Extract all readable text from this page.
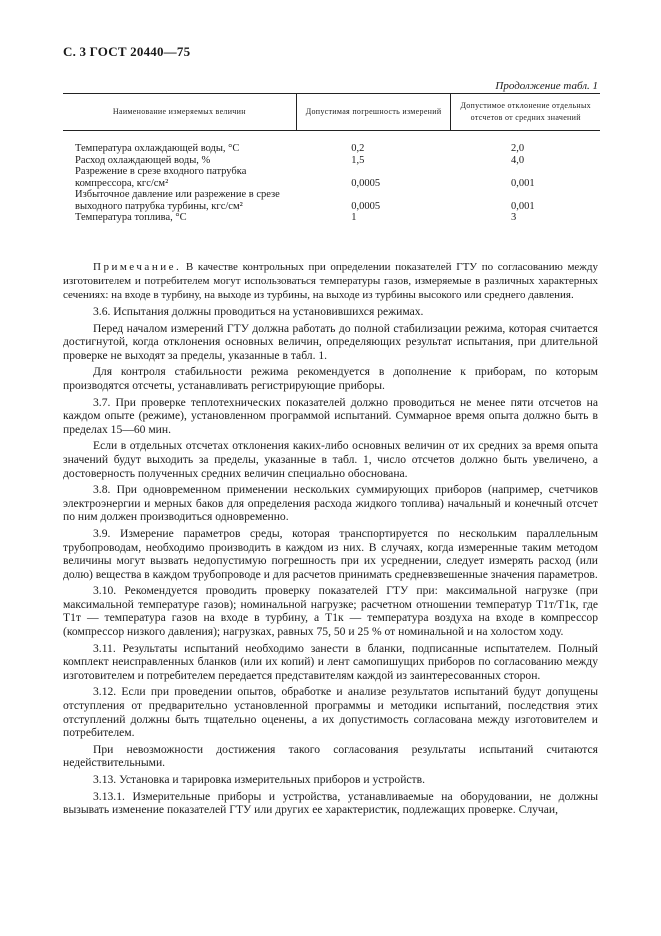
С. 3 ГОСТ 20440—75
Продолжение табл. 1
Наименование измеряемых величин	Допустимая погрешность измерений	Допустимое отклонение отдельных отсчетов от средних значений
Температура охлаждающей воды, °С	0,2	2,0
Расход охлаждающей воды, %	1,5	4,0
Разрежение в срезе входного патрубка		
компрессора, кгс/см²	0,0005	0,001
Избыточное давление или разрежение в срезе		
выходного патрубка турбины, кгс/см²	0,0005	0,001
Температура топлива, °С	1	3
Примечание. В качестве контрольных при определении показателей ГТУ по согласованию между изготовителем и потребителем могут использоваться температуры газов, измеряемые в различных характерных сечениях: на входе в турбину, на выходе из турбины, на выходе из турбины высокого или среднего давления.

3.6. Испытания должны проводиться на установившихся режимах.

Перед началом измерений ГТУ должна работать до полной стабилизации режима, которая считается достигнутой, когда отклонения основных величин, определяющих результат испытания, при длительной проверке не выходят за пределы, указанные в табл. 1.

Для контроля стабильности режима рекомендуется в дополнение к приборам, по которым производятся отсчеты, устанавливать регистрирующие приборы.

3.7. При проверке теплотехнических показателей должно проводиться не менее пяти отсчетов на каждом опыте (режиме), установленном программой испытаний. Суммарное время опыта должно быть в пределах 15—60 мин.

Если в отдельных отсчетах отклонения каких-либо основных величин от их средних за время опыта значений будут выходить за пределы, указанные в табл. 1, число отсчетов должно быть увеличено, а достоверность полученных средних величин специально обоснована.

3.8. При одновременном применении нескольких суммирующих приборов (например, счетчиков электроэнергии и мерных баков для определения расхода жидкого топлива) начальный и конечный отсчет по ним должен производиться одновременно.

3.9. Измерение параметров среды, которая транспортируется по нескольким параллельным трубопроводам, необходимо производить в каждом из них. В случаях, когда измеренные таким методом величины могут вызвать недопустимую погрешность при их усреднении, следует измерять расход (или долю) вещества в каждом трубопроводе и для расчетов принимать средневзвешенные значения параметров.

3.10. Рекомендуется проводить проверку показателей ГТУ при: максимальной нагрузке (при максимальной температуре газов); номинальной нагрузке; расчетном отношении температур T1т/T1к, где T1т — температура газов на входе в турбину, а T1к — температура воздуха на входе в компрессор (компрессор низкого давления); нагрузках, равных 75, 50 и 25 % от номинальной и на холостом ходу.

3.11. Результаты испытаний необходимо занести в бланки, подписанные испытателем. Полный комплект неисправленных бланков (или их копий) и лент самопишущих приборов по согласованию между изготовителем и потребителем передается представителям каждой из заинтересованных сторон.

3.12. Если при проведении опытов, обработке и анализе результатов испытаний будут допущены отступления от предварительно установленной программы и методики испытаний, последствия этих отступлений должны быть тщательно оценены, а их допустимость согласована между изготовителем и потребителем.

При невозможности достижения такого согласования результаты испытаний считаются недействительными.

3.13. Установка и тарировка измерительных приборов и устройств.

3.13.1. Измерительные приборы и устройства, устанавливаемые на оборудовании, не должны вызывать изменение показателей ГТУ или других ее характеристик, подлежащих проверке. Случаи,
